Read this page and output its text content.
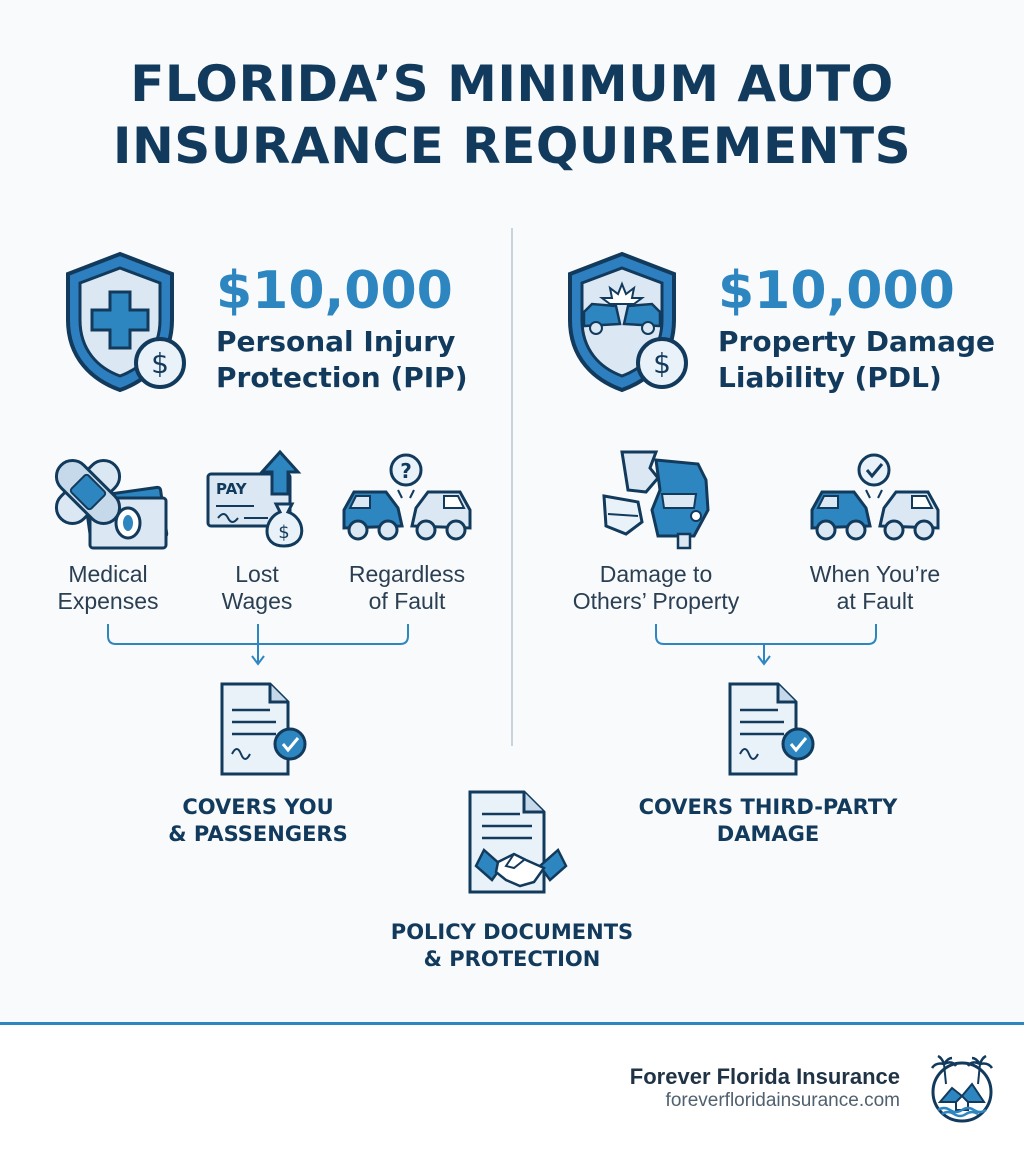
FLORIDA’S MINIMUM AUTO
INSURANCE REQUIREMENTS
$
$10,000
Personal Injury
Protection (PIP)
Medical
Expenses
PAY
$
Lost
Wages
?
Regardless
of Fault
COVERS YOU
& PASSENGERS
$
$10,000
Property Damage
Liability (PDL)
Damage to
Others’ Property
When You’re
at Fault
COVERS THIRD-PARTY
DAMAGE
POLICY DOCUMENTS
& PROTECTION
Forever Florida Insurance
foreverfloridainsurance.com
